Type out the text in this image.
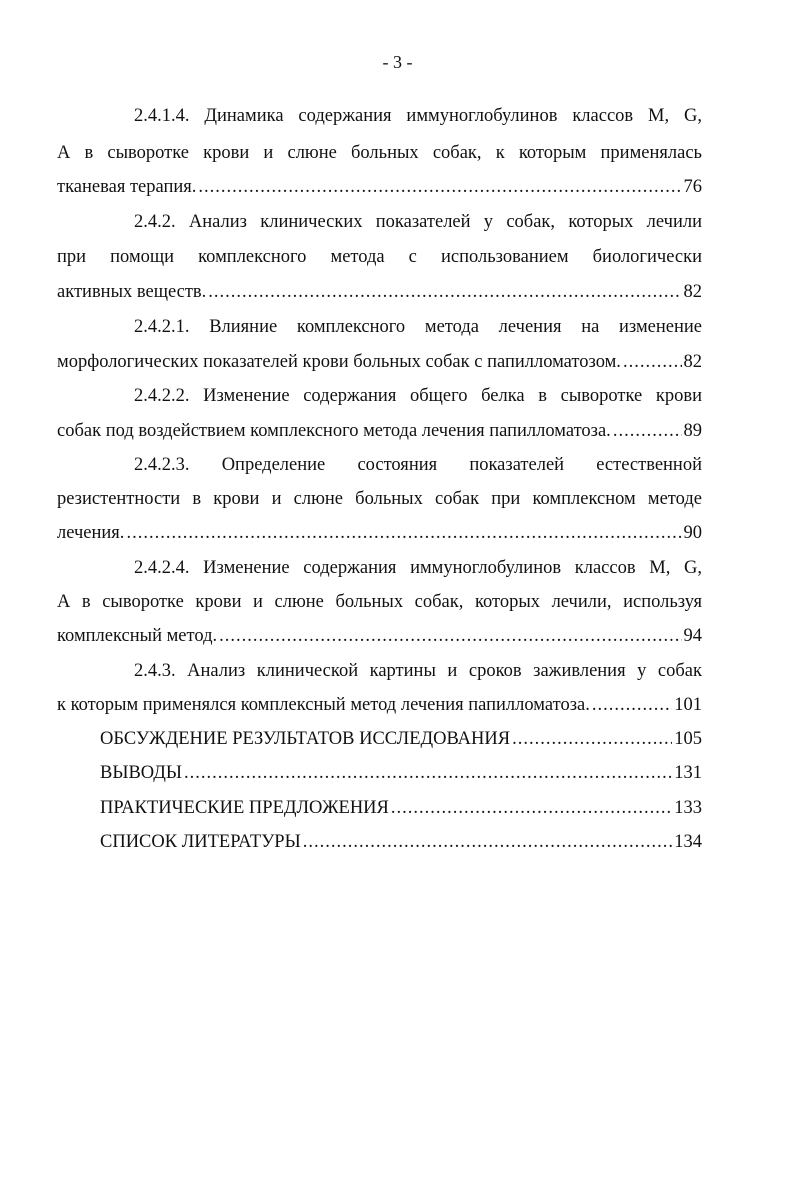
- 3 -
2.4.1.4. Динамика содержания иммуноглобулинов классов М, G,
А в сыворотке крови и слюне больных собак, к которым применялась
тканевая терапия. .....	76
2.4.2. Анализ клинических показателей у собак, которых лечили
при помощи комплексного метода с использованием биологически
активных веществ. .....	82
2.4.2.1. Влияние комплексного метода лечения на изменение
морфологических показателей крови больных собак с папилломатозом. .....	82
2.4.2.2. Изменение содержания общего белка в сыворотке крови
собак под воздействием комплексного метода лечения папилломатоза. .....	89
2.4.2.3. Определение состояния показателей естественной
резистентности в крови и слюне больных собак при комплексном методе
лечения. .....	90
2.4.2.4. Изменение содержания иммуноглобулинов классов М, G,
А в сыворотке крови и слюне больных собак, которых лечили, используя
комплексный метод. .....	94
2.4.3. Анализ клинической картины и сроков заживления у собак
к которым применялся комплексный метод лечения папилломатоза. .....	101
ОБСУЖДЕНИЕ РЕЗУЛЬТАТОВ ИССЛЕДОВАНИЯ .....	105
ВЫВОДЫ .....	131
ПРАКТИЧЕСКИЕ ПРЕДЛОЖЕНИЯ .....	133
СПИСОК ЛИТЕРАТУРЫ .....	134
